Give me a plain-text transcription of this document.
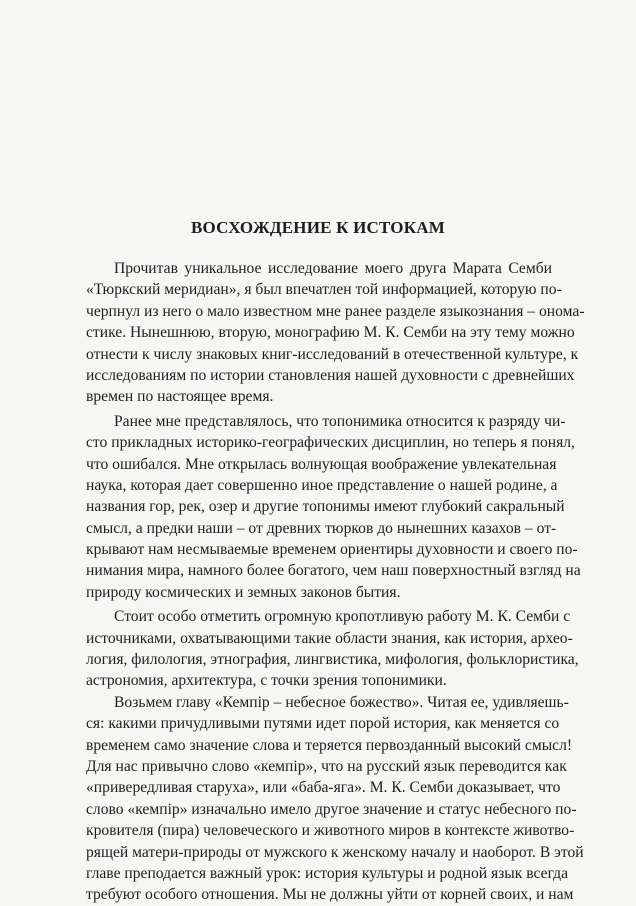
ВОСХОЖДЕНИЕ К ИСТОКАМ
Прочитав уникальное исследование моего друга Марата Семби
«Тюркский меридиан», я был впечатлен той информацией, которую по-
черпнул из него о мало известном мне ранее разделе языкознания – онома-
стике. Нынешнюю, вторую, монографию М. К. Семби на эту тему можно
отнести к числу знаковых книг-исследований в отечественной культуре, к
исследованиям по истории становления нашей духовности с древнейших
времен по настоящее время.
Ранее мне представлялось, что топонимика относится к разряду чи-
сто прикладных историко-географических дисциплин, но теперь я понял,
что ошибался. Мне открылась волнующая воображение увлекательная
наука, которая дает совершенно иное представление о нашей родине, а
названия гор, рек, озер и другие топонимы имеют глубокий сакральный
смысл, а предки наши – от древних тюрков до нынешних казахов – от-
крывают нам несмываемые временем ориентиры духовности и своего по-
нимания мира, намного более богатого, чем наш поверхностный взгляд на
природу космических и земных законов бытия.
Стоит особо отметить огромную кропотливую работу М. К. Семби с
источниками, охватывающими такие области знания, как история, архео-
логия, филология, этнография, лингвистика, мифология, фольклористика,
астрономия, архитектура, с точки зрения топонимики.
Возьмем главу «Кемпір – небесное божество». Читая ее, удивляешь-
ся: какими причудливыми путями идет порой история, как меняется со
временем само значение слова и теряется первозданный высокий смысл!
Для нас привычно слово «кемпір», что на русский язык переводится как
«привередливая старуха», или «баба-яга». М. К. Семби доказывает, что
слово «кемпір» изначально имело другое значение и статус небесного по-
кровителя (пира) человеческого и животного миров в контексте животво-
рящей матери-природы от мужского к женскому началу и наоборот. В этой
главе преподается важный урок: история культуры и родной язык всегда
требуют особого отношения. Мы не должны уйти от корней своих, и нам
